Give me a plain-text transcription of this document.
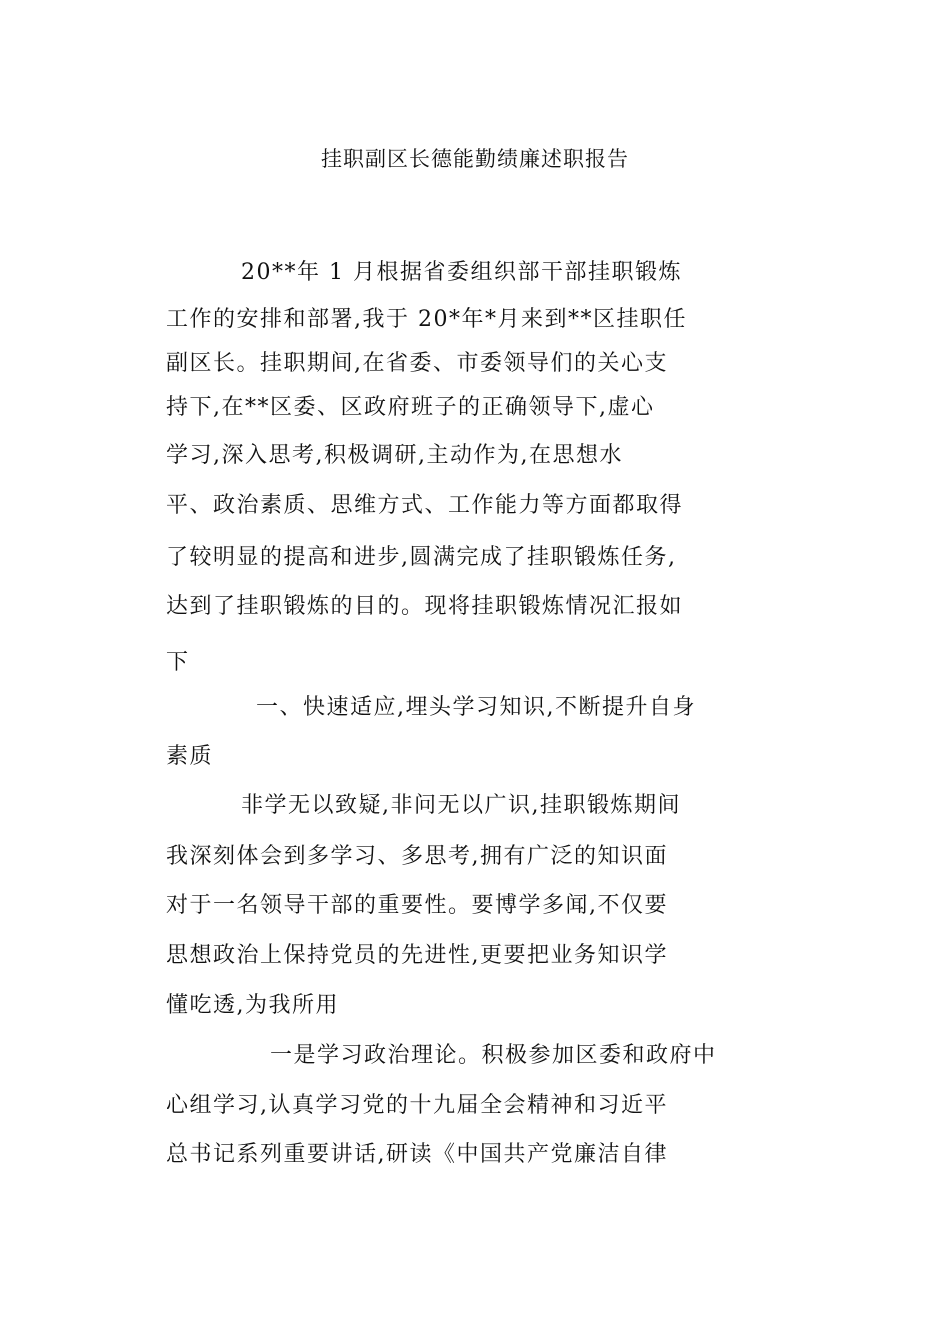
挂职副区长德能勤绩廉述职报告
20**年 1 月根据省委组织部干部挂职锻炼
工作的安排和部署,我于 20*年*月来到**区挂职任
副区长。挂职期间,在省委、市委领导们的关心支
持下,在**区委、区政府班子的正确领导下,虚心
学习,深入思考,积极调研,主动作为,在思想水
平、政治素质、思维方式、工作能力等方面都取得
了较明显的提高和进步,圆满完成了挂职锻炼任务,
达到了挂职锻炼的目的。现将挂职锻炼情况汇报如
下
一、快速适应,埋头学习知识,不断提升自身
素质
非学无以致疑,非问无以广识,挂职锻炼期间
我深刻体会到多学习、多思考,拥有广泛的知识面
对于一名领导干部的重要性。要博学多闻,不仅要
思想政治上保持党员的先进性,更要把业务知识学
懂吃透,为我所用
一是学习政治理论。积极参加区委和政府中
心组学习,认真学习党的十九届全会精神和习近平
总书记系列重要讲话,研读《中国共产党廉洁自律
